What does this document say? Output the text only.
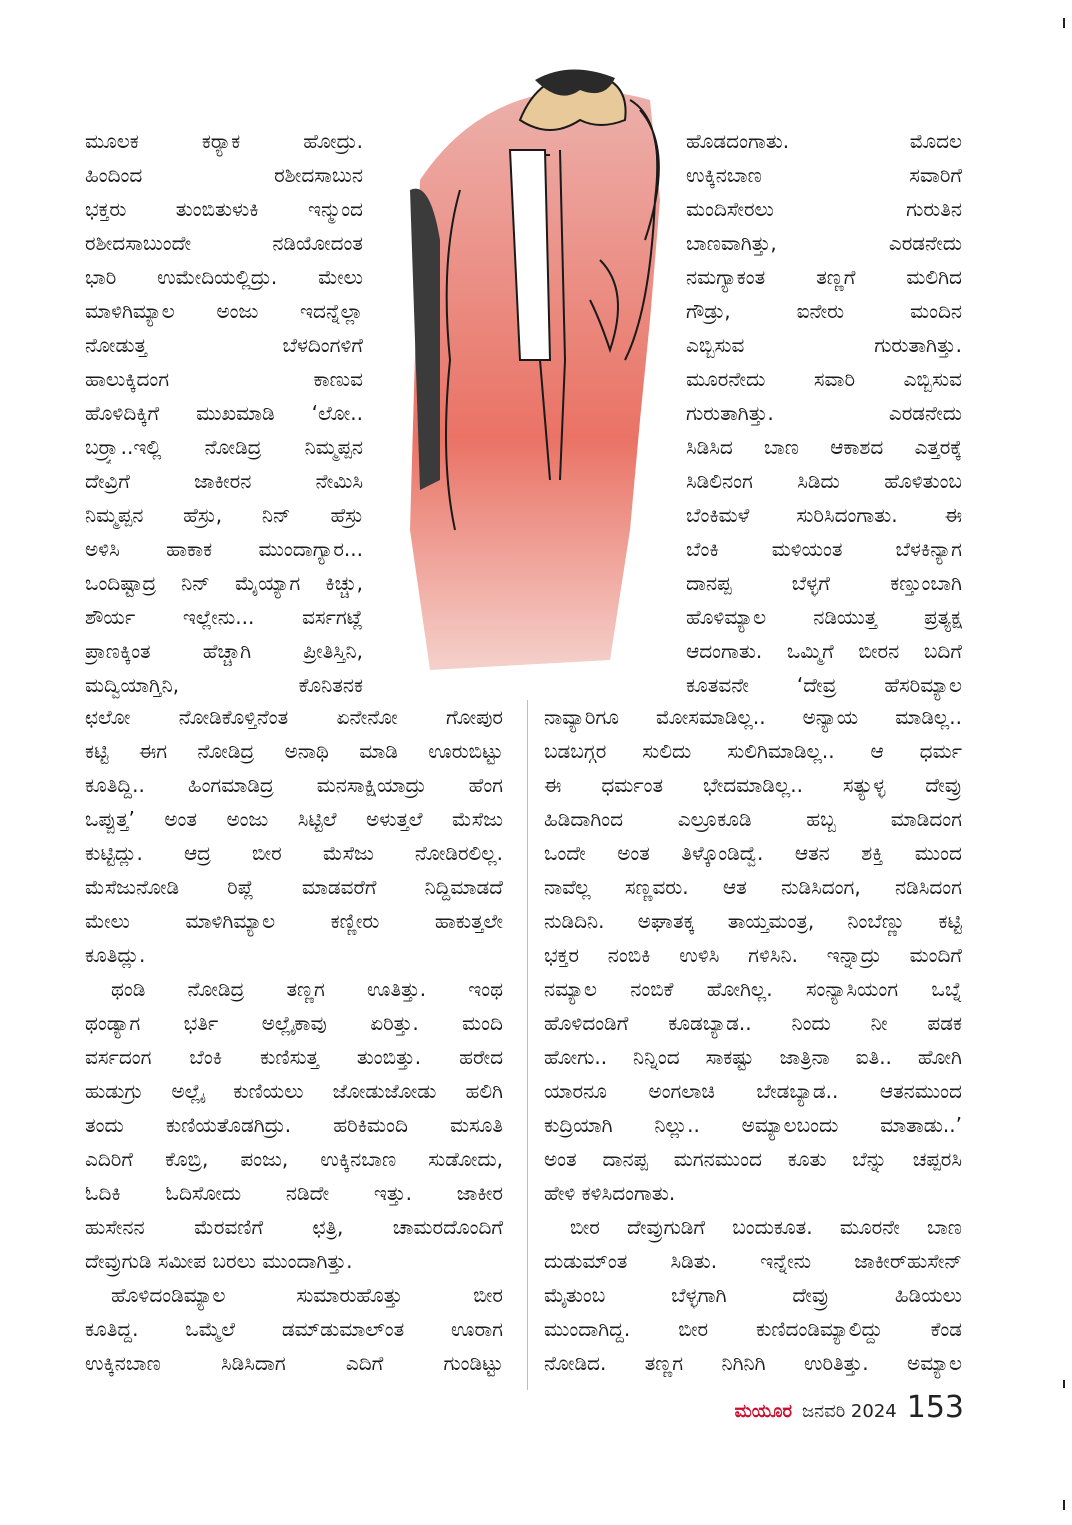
ಮಯೂರ ಜನವರಿ 2024 153
ಮೂಲಕ	ಕರ್‍ಯಾಕ	ಹೋದ್ರು.
ಹಿಂದಿಂದ	ರಶೀದಸಾಬುನ
ಭಕ್ತರು ತುಂಬಿತುಳುಕಿ ಇನ್ಮುಂದ
ರಶೀದಸಾಬುಂದೇ	ನಡಿಯೋದಂತ
ಭಾರಿ ಉಮೇದಿಯಲ್ಲಿದ್ರು. ಮೇಲು
ಮಾಳಿಗಿಮ್ಯಾಲ ಅಂಜು ಇದನ್ನೆಲ್ಲಾ
ನೋಡುತ್ತ	ಬೆಳದಿಂಗಳಿಗೆ
ಹಾಲುಕ್ಕಿದಂಗ	ಕಾಣುವ
ಹೊಳಿದಿಕ್ಕಿಗೆ ಮುಖಮಾಡಿ ‘ಲೋ..
ಬರ್‍ರ್ಯಾ..ಇಲ್ಲಿ ನೋಡಿದ್ರ ನಿಮ್ಮಪ್ಪನ
ದೇವ್ರಿಗೆ	ಜಾಕೀರನ	ನೇಮಿಸಿ
ನಿಮ್ಮಪ್ಪನ ಹೆಸ್ರು, ನಿನ್ ಹೆಸ್ರು
ಅಳಿಸಿ ಹಾಕಾಕ ಮುಂದಾಗ್ಯಾರ...
ಒಂದಿಷ್ಟಾದ್ರ ನಿನ್ ಮೈಯ್ಯಾಗ ಕಿಚ್ಚು,
ಶೌರ್ಯ ಇಲ್ಲೇನು... ವರ್ಸಗಟ್ಲೆ
ಪ್ರಾಣಕ್ಕಿಂತ	ಹೆಚ್ಚಾಗಿ	ಪ್ರೀತಿಸ್ತಿನಿ,
ಮದ್ವಿಯಾಗ್ತಿನಿ,	ಕೊನಿತನಕ
ಹೊಡದಂಗಾತು.	ಮೊದಲ
ಉಕ್ಕಿನಬಾಣ	ಸವಾರಿಗೆ
ಮಂದಿಸೇರಲು	ಗುರುತಿನ
ಬಾಣವಾಗಿತ್ತು,	ಎರಡನೇದು
ನಮಗ್ಯಾಕಂತ	ತಣ್ಣಗೆ	ಮಲಿಗಿದ
ಗೌಡ್ರು,	ಐನೇರು	ಮಂದಿನ
ಎಬ್ಬಿಸುವ	ಗುರುತಾಗಿತ್ತು.
ಮೂರನೇದು ಸವಾರಿ ಎಬ್ಬಿಸುವ
ಗುರುತಾಗಿತ್ತು.	ಎರಡನೇದು
ಸಿಡಿಸಿದ ಬಾಣ ಆಕಾಶದ ಎತ್ತರಕ್ಕೆ
ಸಿಡಿಲಿನಂಗ ಸಿಡಿದು ಹೊಳಿತುಂಬ
ಬೆಂಕಿಮಳೆ ಸುರಿಸಿದಂಗಾತು. ಈ
ಬೆಂಕಿ	ಮಳಿಯಂತ	ಬೆಳಕಿನ್ಯಾಗ
ದಾನಪ್ಪ	ಬೆಳ್ಳಗೆ	ಕಣ್ತುಂಬಾಗಿ
ಹೊಳಿಮ್ಯಾಲ ನಡಿಯುತ್ತ ಪ್ರತ್ಯಕ್ಷ
ಆದಂಗಾತು. ಒಮ್ಮಿಗೆ ಬೀರನ ಬದಿಗೆ
ಕೂತವನೇ ‘ದೇವ್ರ ಹೆಸರಿಮ್ಯಾಲ
ಛಲೋ ನೋಡಿಕೊಳ್ತಿನೆಂತ ಏನೇನೋ ಗೋಪುರ
ಕಟ್ಟಿ ಈಗ ನೋಡಿದ್ರ ಅನಾಥಿ ಮಾಡಿ ಊರುಬಿಟ್ಟು
ಕೂತಿದ್ದಿ.. ಹಿಂಗಮಾಡಿದ್ರ ಮನಸಾಕ್ಷಿಯಾದ್ರು ಹೆಂಗ
ಒಪ್ಪುತ್ತ’ ಅಂತ ಅಂಜು ಸಿಟ್ಟಿಲೆ ಅಳುತ್ತಲೆ ಮೆಸೆಜು
ಕುಟ್ಟಿದ್ಲು. ಆದ್ರ ಬೀರ ಮೆಸೆಜು ನೋಡಿರಲಿಲ್ಲ.
ಮೆಸೆಜುನೋಡಿ ರಿಪ್ಲೆ ಮಾಡವರೆಗೆ ನಿದ್ದಿಮಾಡದೆ
ಮೇಲು	ಮಾಳಿಗಿಮ್ಯಾಲ	ಕಣ್ಣೀರು	ಹಾಕುತ್ತಲೇ
ಕೂತಿದ್ಲು.
ಥಂಡಿ ನೋಡಿದ್ರ ತಣ್ಣಗ ಊತಿತ್ತು. ಇಂಥ
ಥಂಡ್ಯಾಗ ಭರ್ತಿ ಅಲ್ಲೈಕಾವು ಏರಿತ್ತು. ಮಂದಿ
ವರ್ಸದಂಗ ಬೆಂಕಿ ಕುಣಿಸುತ್ತ ತುಂಬಿತ್ತು. ಹರೇದ
ಹುಡುಗ್ರು ಅಲ್ಲೈ ಕುಣಿಯಲು ಜೋಡುಜೋಡು ಹಲಿಗಿ
ತಂದು ಕುಣಿಯತೊಡಗಿದ್ರು. ಹರಿಕಿಮಂದಿ ಮಸೂತಿ
ಎದಿರಿಗೆ ಕೊಬ್ರಿ, ಪಂಜು, ಉಕ್ಕಿನಬಾಣ ಸುಡೋದು,
ಓದಿಕಿ ಓದಿಸೋದು ನಡಿದೇ ಇತ್ತು. ಜಾಕೀರ
ಹುಸೇನನ ಮೆರವಣಿಗೆ ಛತ್ರಿ, ಚಾಮರದೊಂದಿಗೆ
ದೇವ್ರುಗುಡಿ ಸಮೀಪ ಬರಲು ಮುಂದಾಗಿತ್ತು.
ಹೊಳಿದಂಡಿಮ್ಯಾಲ	ಸುಮಾರುಹೊತ್ತು	ಬೀರ
ಕೂತಿದ್ದ. ಒಮ್ಮೆಲೆ ಡಮ್‌ಡುಮಾಲ್‌ಂತ ಊರಾಗ
ಉಕ್ಕಿನಬಾಣ	ಸಿಡಿಸಿದಾಗ	ಎದಿಗೆ	ಗುಂಡಿಟ್ಟು
ನಾವ್ಯಾರಿಗೂ ಮೋಸಮಾಡಿಲ್ಲ.. ಅನ್ಯಾಯ ಮಾಡಿಲ್ಲ..
ಬಡಬಗ್ಗರ ಸುಲಿದು ಸುಲಿಗಿಮಾಡಿಲ್ಲ.. ಆ ಧರ್ಮ
ಈ ಧರ್ಮಂತ ಭೇದಮಾಡಿಲ್ಲ.. ಸತ್ಯುಳ್ಳ ದೇವ್ರು
ಹಿಡಿದಾಗಿಂದ	ಎಲ್ರೂಕೂಡಿ	ಹಬ್ಬ	ಮಾಡಿದಂಗ
ಒಂದೇ ಅಂತ ತಿಳ್ಕೊಂಡಿದ್ವೆ. ಆತನ ಶಕ್ತಿ ಮುಂದ
ನಾವೆಲ್ಲ ಸಣ್ಣವರು. ಆತ ನುಡಿಸಿದಂಗ, ನಡಿಸಿದಂಗ
ನುಡಿದಿನಿ. ಅಘಾತಕ್ಕ ತಾಯ್ತಮಂತ್ರ, ನಿಂಬೆಣ್ಣು ಕಟ್ಟಿ
ಭಕ್ತರ ನಂಬಿಕಿ ಉಳಿಸಿ ಗಳಿಸಿನಿ. ಇನ್ನಾದ್ರು ಮಂದಿಗೆ
ನಮ್ಯಾಲ ನಂಬಿಕೆ ಹೋಗಿಲ್ಲ. ಸಂನ್ಯಾಸಿಯಂಗ ಒಬ್ನೆ
ಹೊಳಿದಂಡಿಗೆ ಕೂಡಬ್ಯಾಡ.. ನಿಂದು ನೀ ಪಡಕ
ಹೋಗು.. ನಿನ್ನಿಂದ ಸಾಕಷ್ಟು ಜಾತ್ರಿನಾ ಐತಿ.. ಹೋಗಿ
ಯಾರನೂ ಅಂಗಲಾಚಿ ಬೇಡಬ್ಯಾಡ.. ಆತನಮುಂದ
ಕುದ್ರಿಯಾಗಿ ನಿಲ್ಲು.. ಅಮ್ಯಾಲಬಂದು ಮಾತಾಡು..’
ಅಂತ ದಾನಪ್ಪ ಮಗನಮುಂದ ಕೂತು ಬೆನ್ನು ಚಪ್ಪರಸಿ
ಹೇಳಿ ಕಳಿಸಿದಂಗಾತು.
ಬೀರ ದೇವ್ರುಗುಡಿಗೆ ಬಂದುಕೂತ. ಮೂರನೇ ಬಾಣ
ದುಡುಮ್‌ಂತ ಸಿಡಿತು. ಇನ್ನೇನು ಜಾಕೀರ್‌ಹುಸೇನ್
ಮೈತುಂಬ	ಬೆಳ್ಳಗಾಗಿ	ದೇವ್ರು	ಹಿಡಿಯಲು
ಮುಂದಾಗಿದ್ದ. ಬೀರ ಕುಣಿದಂಡಿಮ್ಯಾಲಿದ್ದು ಕೆಂಡ
ನೋಡಿದ. ತಣ್ಣಗ ನಿಗಿನಿಗಿ ಉರಿತಿತ್ತು. ಅಮ್ಯಾಲ
